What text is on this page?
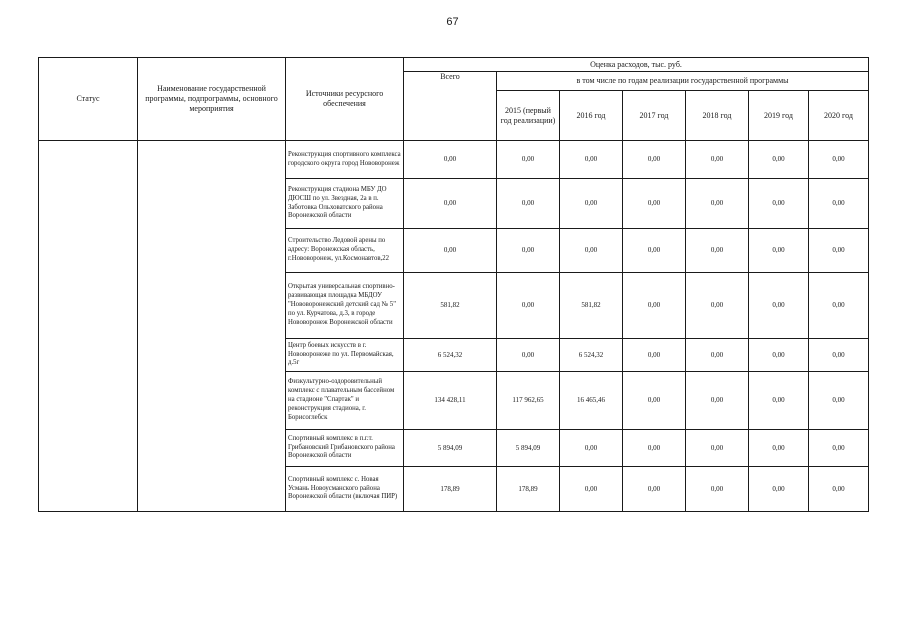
67
Статус	Наименование государственной программы, подпрограммы, основного мероприятия	Источники ресурсного обеспечения	Оценка расходов, тыс. руб.						
			Всего	в том числе по годам реализации государственной программы					
				2015 (первый год реализации)	2016 год	2017 год	2018 год	2019 год	2020 год
		Реконструкция спортивного комплекса городского округа город Нововоронеж	0,00	0,00	0,00	0,00	0,00	0,00	0,00
		Реконструкция стадиона МБУ ДО ДЮСШ по ул. Звездная, 2а в п. Заботовка Ольховатского района Воронежской области	0,00	0,00	0,00	0,00	0,00	0,00	0,00
		Строительство Ледовой арены по адресу: Воронежская область, г.Нововоронеж, ул.Космонавтов,22	0,00	0,00	0,00	0,00	0,00	0,00	0,00
		Открытая универсальная спортивно-развивающая площадка МБДОУ "Нововоронежский детский сад № 5" по ул. Курчатова, д.3, в городе Нововоронеж Воронежской области	581,82	0,00	581,82	0,00	0,00	0,00	0,00
		Центр боевых искусств в г. Нововоронеже по ул. Первомайская, д.5г	6 524,32	0,00	6 524,32	0,00	0,00	0,00	0,00
		Физкультурно-оздоровительный комплекс с плавательным бассейном на стадионе "Спартак" и реконструкция стадиона, г. Борисоглебск	134 428,11	117 962,65	16 465,46	0,00	0,00	0,00	0,00
		Спортивный комплекс в п.г.т. Грибановский Грибановского района Воронежской области	5 894,09	5 894,09	0,00	0,00	0,00	0,00	0,00
		Спортивный комплекс с. Новая Усмань Новоусманского района Воронежской области (включая ПИР)	178,89	178,89	0,00	0,00	0,00	0,00	0,00
